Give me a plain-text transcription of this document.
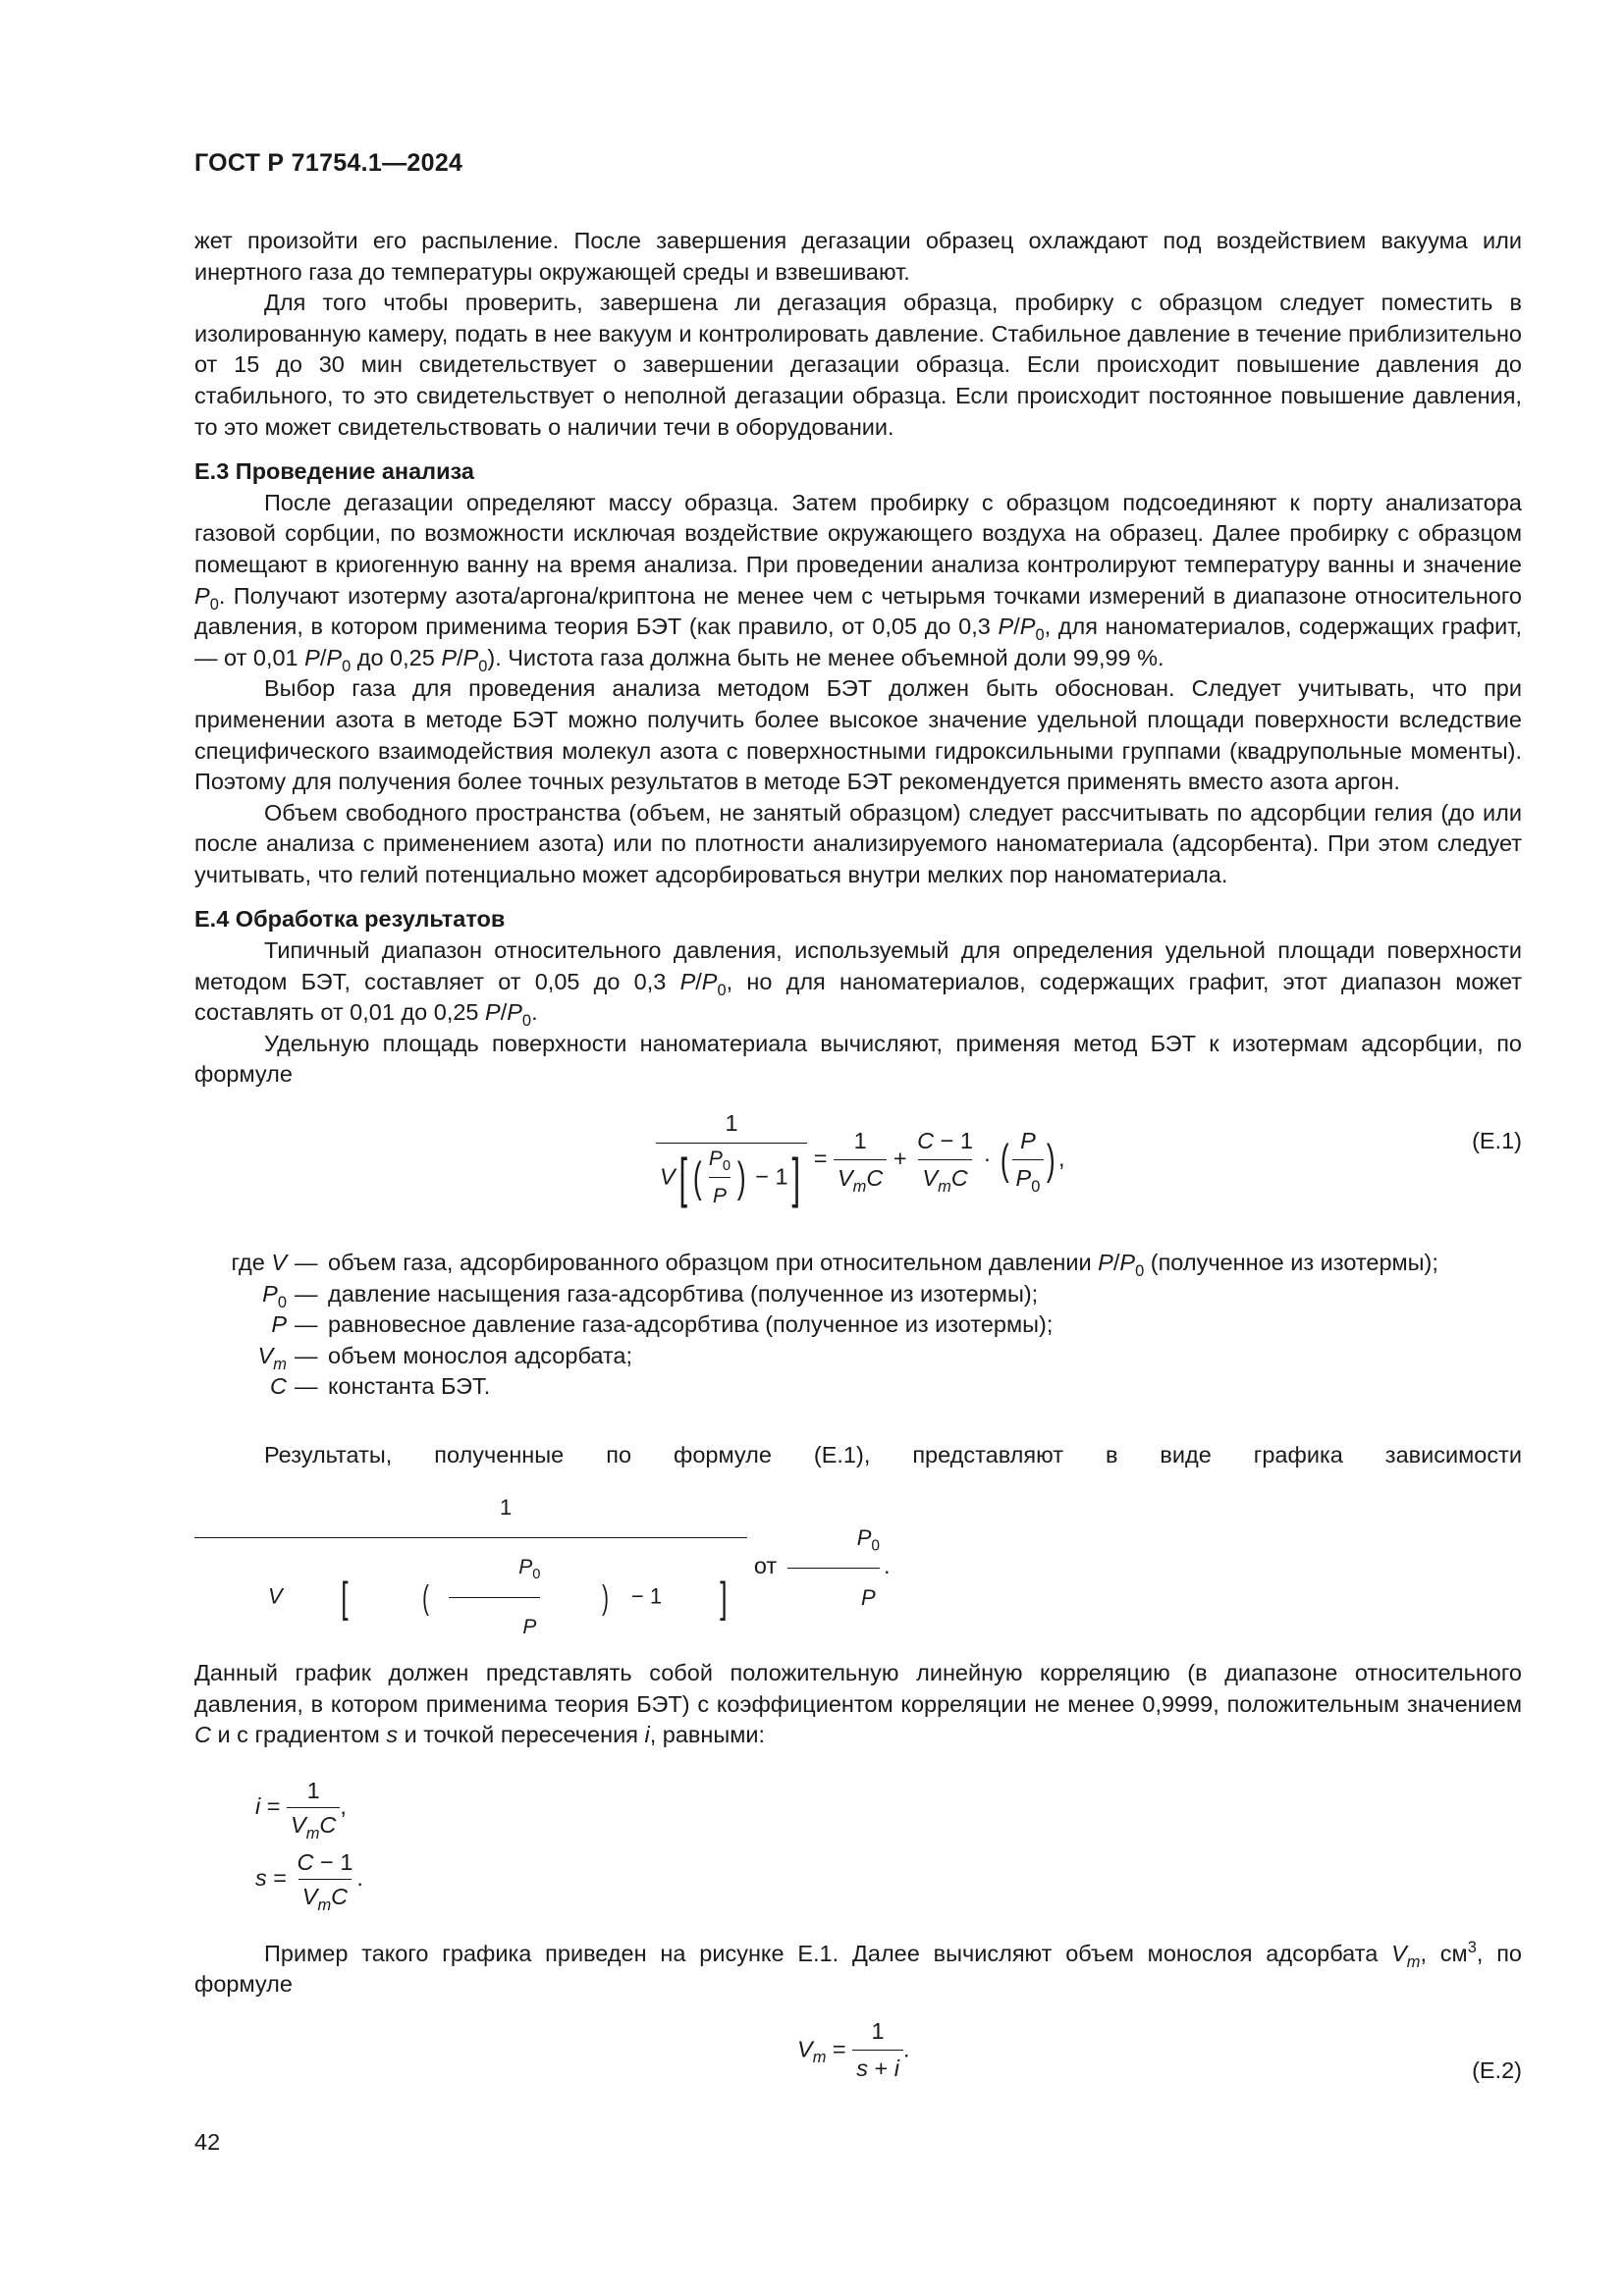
ГОСТ Р 71754.1—2024

жет произойти его распыление. После завершения дегазации образец охлаждают под воздействием вакуума или инертного газа до температуры окружающей среды и взвешивают.

Для того чтобы проверить, завершена ли дегазация образца, пробирку с образцом следует поместить в изолированную камеру, подать в нее вакуум и контролировать давление. Стабильное давление в течение приблизительно от 15 до 30 мин свидетельствует о завершении дегазации образца. Если происходит повышение давления до стабильного, то это свидетельствует о неполной дегазации образца. Если происходит постоянное повышение давления, то это может свидетельствовать о наличии течи в оборудовании.

Е.3 Проведение анализа

После дегазации определяют массу образца. Затем пробирку с образцом подсоединяют к порту анализатора газовой сорбции, по возможности исключая воздействие окружающего воздуха на образец. Далее пробирку с образцом помещают в криогенную ванну на время анализа. При проведении анализа контролируют температуру ванны и значение $P_0$. Получают изотерму азота/аргона/криптона не менее чем с четырьмя точками измерений в диапазоне относительного давления, в котором применима теория БЭТ (как правило, от 0,05 до 0,3 $P/P_0$, для наноматериалов, содержащих графит, — от 0,01 $P/P_0$ до 0,25 $P/P_0$). Чистота газа должна быть не менее объемной доли 99,99 %.

Выбор газа для проведения анализа методом БЭТ должен быть обоснован. Следует учитывать, что при применении азота в методе БЭТ можно получить более высокое значение удельной площади поверхности вследствие специфического взаимодействия молекул азота с поверхностными гидроксильными группами (квадрупольные моменты). Поэтому для получения более точных результатов в методе БЭТ рекомендуется применять вместо азота аргон.

Объем свободного пространства (объем, не занятый образцом) следует рассчитывать по адсорбции гелия (до или после анализа с применением азота) или по плотности анализируемого наноматериала (адсорбента). При этом следует учитывать, что гелий потенциально может адсорбироваться внутри мелких пор наноматериала.

Е.4 Обработка результатов

Типичный диапазон относительного давления, используемый для определения удельной площади поверхности методом БЭТ, составляет от 0,05 до 0,3 $P/P_0$, но для наноматериалов, содержащих графит, этот диапазон может составлять от 0,01 до 0,25 $P/P_0$.

Удельную площадь поверхности наноматериала вычисляют, применяя метод БЭТ к изотермам адсорбции, по формуле

$\frac{1}{V[ ( \frac{P_0}{P} ) - 1]} = \frac{1}{V_mC} + \frac{C - 1}{V_mC}$ · ( $\frac{P}{P_0}$ ) ,
(Е.1)
где V — объем газа, адсорбированного образцом при относительном давлении $P/P_0$ (полученное из изотермы);
$P_0$ — давление насыщения газа-адсорбтива (полученное из изотермы);
P — равновесное давление газа-адсорбтива (полученное из изотермы);
$V_m$ — объем монослоя адсорбата;
C — константа БЭТ.

Результаты, полученные по формуле (Е.1), представляют в виде графика зависимости
$\frac{1}{V [ ( \frac{P_0}{P} ) - 1 ]}$ от $\frac{P_0}{P}$ .

Данный график должен представлять собой положительную линейную корреляцию (в диапазоне относительного давления, в котором применима теория БЭТ) с коэффициентом корреляции не менее 0,9999, положительным значением C и с градиентом s и точкой пересечения i, равными:

$i = \frac{1}{V_mC}$ ,
$s = \frac{C - 1}{V_mC}$ .

Пример такого графика приведен на рисунке Е.1. Далее вычисляют объем монослоя адсорбата $V_m$, $см^3$, по формуле

$V_m = \frac{1}{s + i}$ .
(Е.2)
42
